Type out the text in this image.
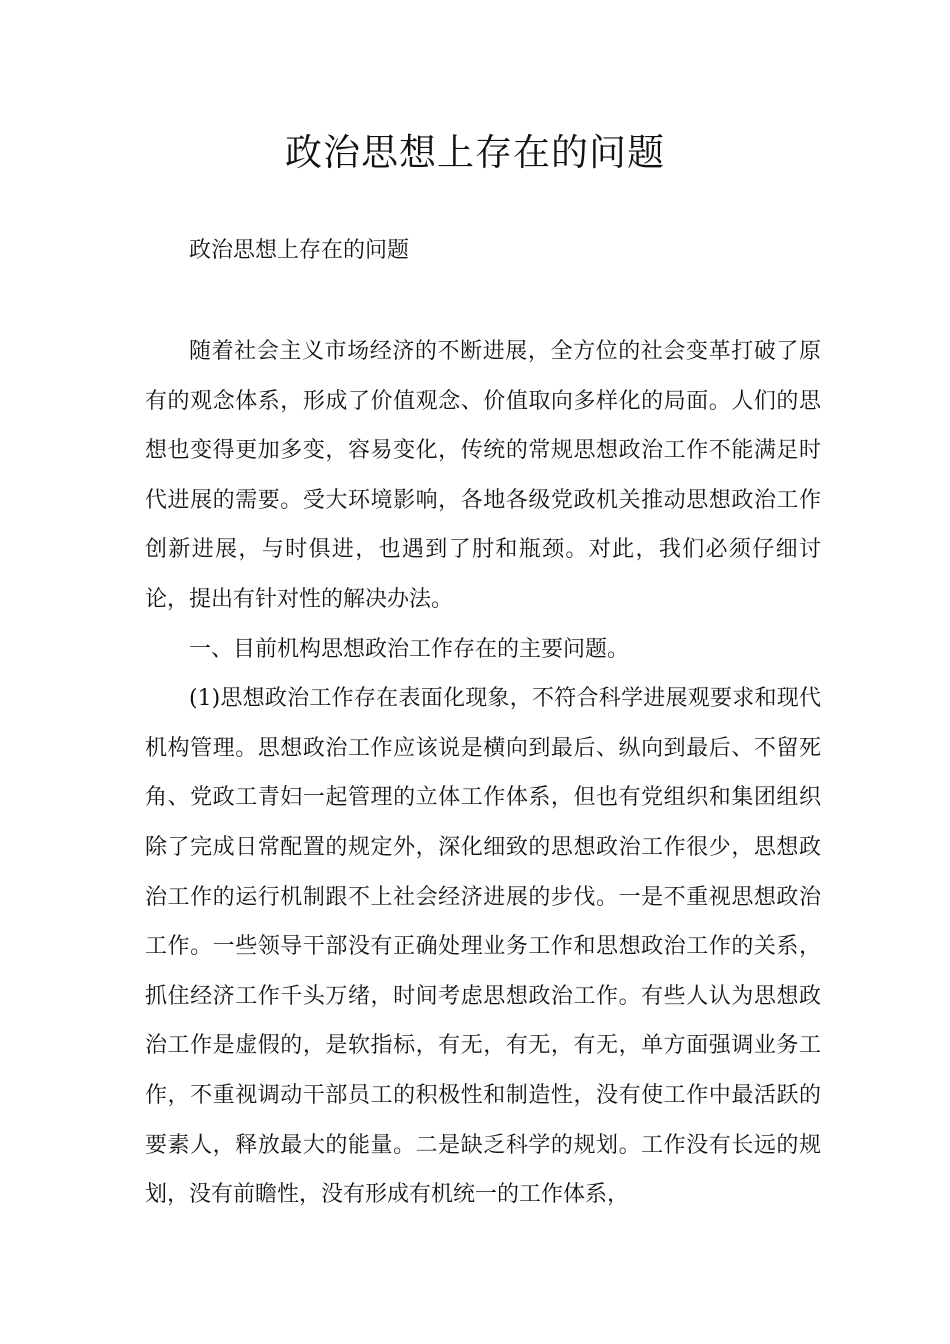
政治思想上存在的问题

政治思想上存在的问题

随着社会主义市场经济的不断进展，全方位的社会变革打破了原有的观念体系，形成了价值观念、价值取向多样化的局面。人们的思想也变得更加多变，容易变化，传统的常规思想政治工作不能满足时代进展的需要。受大环境影响，各地各级党政机关推动思想政治工作创新进展，与时俱进，也遇到了肘和瓶颈。对此，我们必须仔细讨论，提出有针对性的解决办法。

一、目前机构思想政治工作存在的主要问题。

(1)思想政治工作存在表面化现象，不符合科学进展观要求和现代机构管理。思想政治工作应该说是横向到最后、纵向到最后、不留死角、党政工青妇一起管理的立体工作体系，但也有党组织和集团组织除了完成日常配置的规定外，深化细致的思想政治工作很少，思想政治工作的运行机制跟不上社会经济进展的步伐。一是不重视思想政治工作。一些领导干部没有正确处理业务工作和思想政治工作的关系，抓住经济工作千头万绪，时间考虑思想政治工作。有些人认为思想政治工作是虚假的，是软指标，有无，有无，有无，单方面强调业务工作，不重视调动干部员工的积极性和制造性，没有使工作中最活跃的要素人，释放最大的能量。二是缺乏科学的规划。工作没有长远的规划，没有前瞻性，没有形成有机统一的工作体系，
